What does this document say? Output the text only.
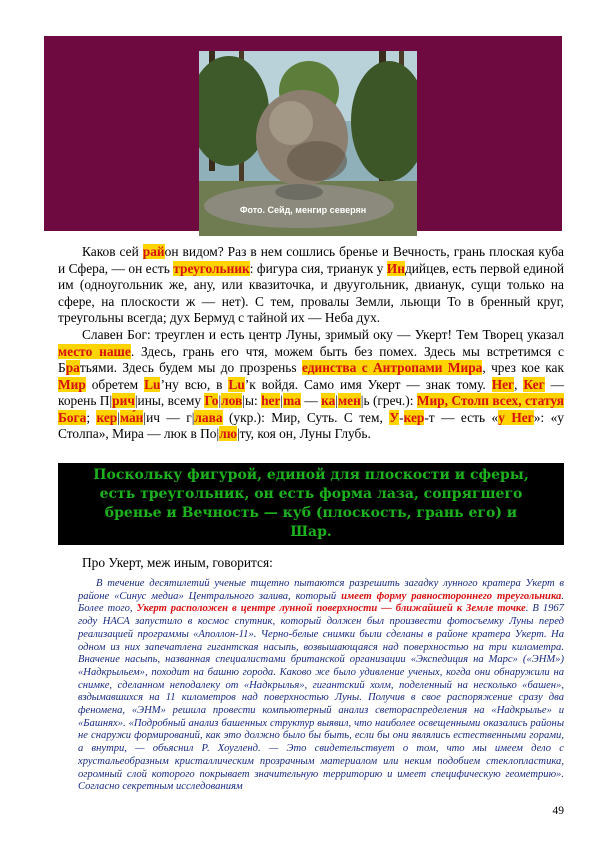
Фото. Сейд, менгир северян

Каков сей район видом? Раз в нем сошлись бренье и Вечность, грань плоская куба и Сфера, — он есть треугольник: фигура сия, трианук у Индийцев, есть первой единой им (одноугольник же, ану, или квазиточка, и двуугольник, двианук, сущи только на сфере, на плоскости ж — нет). С тем, провалы Земли, льющи То в бренный круг, треугольны всегда; дух Бермуд с тайной их — Неба дух.

Славен Бог: треуглен и есть центр Луны, зримый оку — Укерт! Тем Творец указал место наше. Здесь, грань его чтя, можем быть без помех. Здесь мы встретимся с Братьями. Здесь будем мы до прозреньs единства с Антропами Мира, чрез кое как Мир обретем Lu’ну всю, в Lu’к войдя. Само имя Укерт — знак тому. Нег, Кег — корень П|рич|ины, всему Го|лов|ы: her|ma — ка|мен|ь (греч.): Мир, Столп всех, статуя Бога; кер|ма́н|ич — г|лава (укр.): Мир, Суть. С тем, У-кер-т — есть «у Нег»: «у Столпа», Мира — люк в По|лю|ту, коя он, Луны Глубь.

Поскольку фигурой, единой для плоскости и сферы, есть треугольник, он есть форма лаза, сопрягшего бренье и Вечность — куб (плоскость, грань его) и Шар.
Про Укерт, меж иным, говорится:
В течение десятилетий ученые тщетно пытаются разрешить загадку лунного кратера Укерт в районе «Синус медиа» Центрального залива, который имеет форму равностороннего треугольника. Более того, Укерт расположен в центре лунной поверхности — ближайшей к Земле точке. В 1967 году НАСА запустило в космос спутник, который должен был произвести фотосъемку Луны перед реализацией программы «Аполлон-11». Черно-белые снимки были сделаны в районе кратера Укерт. На одном из них запечатлена гигантская насыпь, возвышающаяся над поверхностью на три километра. Вначение насыпь, названная специалистами британской организации «Экспедиция на Марс» («ЭНМ») «Надкрыльем», походит на башню города. Каково же было удивление ученых, когда они обнаружили на снимке, сделанном неподалеку от «Надкрылья», гигантский холм, поделенный на несколько «башен», вздымавшихся на 11 километров над поверхностью Луны. Получив в свое распоряжение сразу два феномена, «ЭНМ» решила провести компьютерный анализ светораспределения на «Надкрылье» и «Башнях». «Подробный анализ башенных структур выявил, что наиболее освещенными оказались районы не снаружи формирований, как это должно было бы быть, если бы они являлись естественными горами, а внутри, — объяснил Р. Хоугленд. — Это свидетельствует о том, что мы имеем дело с хрустальеобразным кристаллическим прозрачным материалом или неким подобием стеклопластика, огромный слой которого покрывает значительную территорию и имеет специфическую геометрию». Согласно секретным исследованиям
49
